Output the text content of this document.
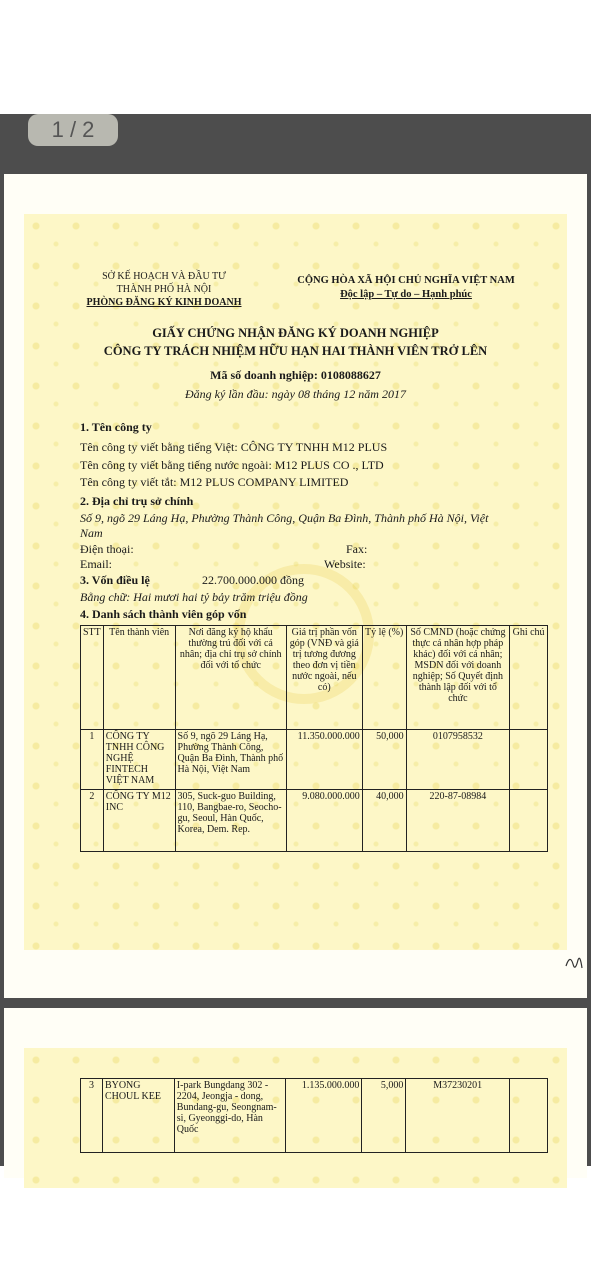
SỞ KẾ HOẠCH VÀ ĐẦU TƯ
THÀNH PHỐ HÀ NỘI
PHÒNG ĐĂNG KÝ KINH DOANH
CỘNG HÒA XÃ HỘI CHỦ NGHĨA VIỆT NAM
Độc lập – Tự do – Hạnh phúc
GIẤY CHỨNG NHẬN ĐĂNG KÝ DOANH NGHIỆP
CÔNG TY TRÁCH NHIỆM HỮU HẠN HAI THÀNH VIÊN TRỞ LÊN
Mã số doanh nghiệp: 0108088627
Đăng ký lần đầu: ngày 08 tháng 12 năm 2017
1. Tên công ty
Tên công ty viết bằng tiếng Việt: CÔNG TY TNHH M12 PLUS
Tên công ty viết bằng tiếng nước ngoài: M12 PLUS CO ., LTD
Tên công ty viết tắt: M12 PLUS COMPANY LIMITED
2. Địa chỉ trụ sở chính
Số 9, ngõ 29 Láng Hạ, Phường Thành Công, Quận Ba Đình, Thành phố Hà Nội, Việt
Nam
Điện thoại:	Fax:
Email:	Website:
3. Vốn điều lệ	22.700.000.000 đồng
Bằng chữ: Hai mươi hai tỷ bảy trăm triệu đồng
4. Danh sách thành viên góp vốn
STT	Tên thành viên	Nơi đăng ký hộ khẩu thường trú đối với cá nhân; địa chỉ trụ sở chính đối với tổ chức	Giá trị phần vốn góp (VNĐ và giá trị tương đương theo đơn vị tiền nước ngoài, nếu có)	Tỷ lệ (%)	Số CMND (hoặc chứng thực cá nhân hợp pháp khác) đối với cá nhân; MSDN đối với doanh nghiệp; Số Quyết định thành lập đối với tổ chức	Ghi chú
1	CÔNG TY TNHH CÔNG NGHỆ FINTECH VIỆT NAM	Số 9, ngõ 29 Láng Hạ, Phường Thành Công, Quận Ba Đình, Thành phố Hà Nội, Việt Nam	11.350.000.000	50,000	0107958532	
2	CÔNG TY M12 INC	305, Suck-guo Building, 110, Bangbae-ro, Seocho-gu, Seoul, Hàn Quốc, Korea, Dem. Rep.	9.080.000.000	40,000	220-87-08984	
1 / 2
3	BYONG CHOUL KEE	I-park Bungdang 302 - 2204, Jeongja - dong, Bundang-gu, Seongnam-si, Gyeonggi-do, Hàn Quốc	1.135.000.000	5,000	M37230201	
